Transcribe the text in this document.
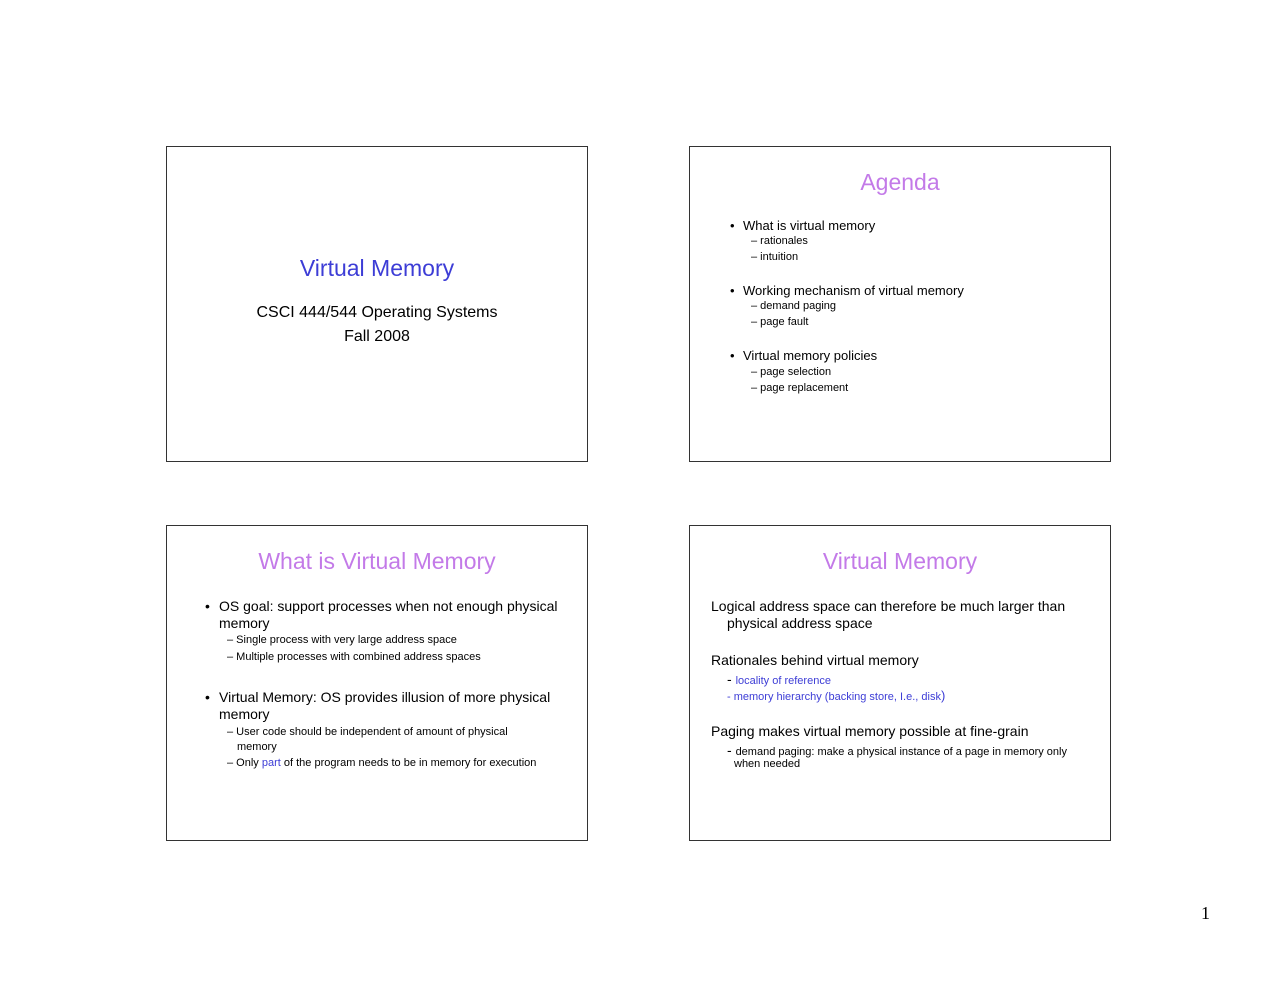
Virtual Memory
CSCI 444/544 Operating Systems
Fall 2008
Agenda
• What is virtual memory
– rationales
– intuition
• Working mechanism of virtual memory
– demand paging
– page fault
• Virtual memory policies
– page selection
– page replacement
What is Virtual Memory
• OS goal: support processes when not enough physical
memory
– Single process with very large address space
– Multiple processes with combined address spaces
• Virtual Memory: OS provides illusion of more physical
memory
– User code should be independent of amount of physical
memory
– Only part of the program needs to be in memory for execution
Virtual Memory
Logical address space can therefore be much larger than
physical address space
Rationales behind virtual memory
- locality of reference
- memory hierarchy (backing store, I.e., disk)
Paging makes virtual memory possible at fine-grain
- demand paging: make a physical instance of a page in memory only
when needed
1
